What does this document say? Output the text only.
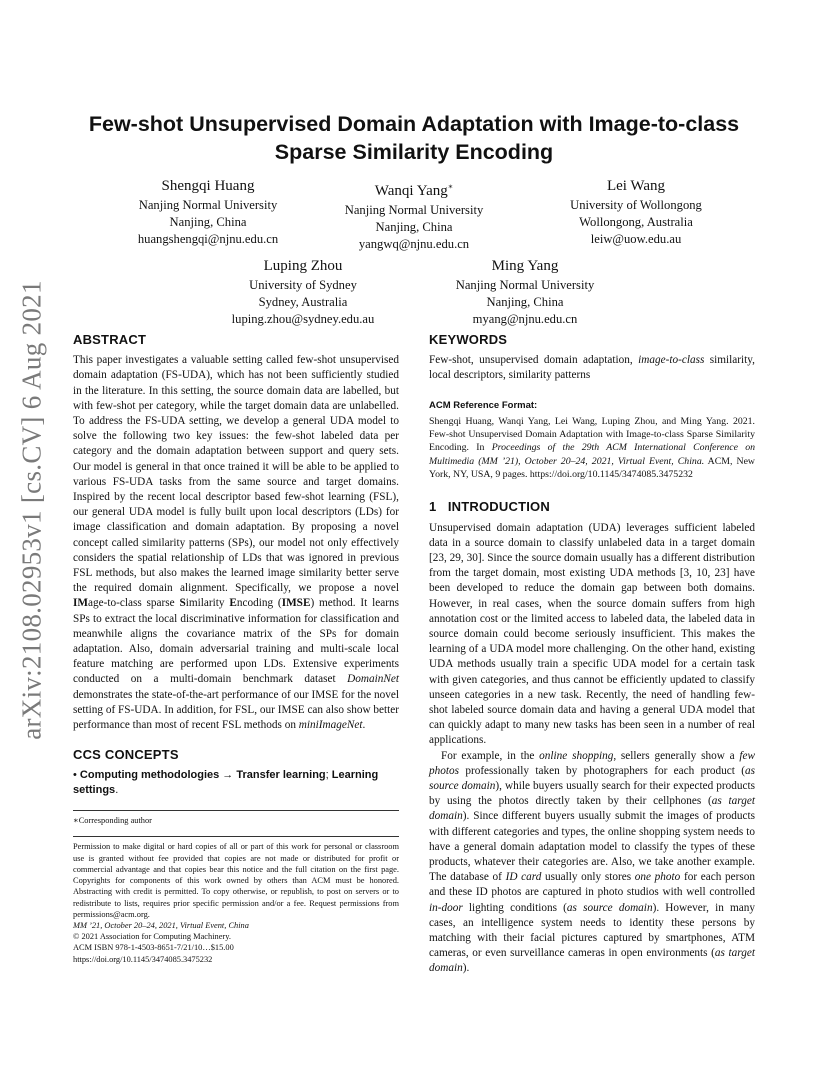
arXiv:2108.02953v1 [cs.CV] 6 Aug 2021
Few-shot Unsupervised Domain Adaptation with Image-to-class
Sparse Similarity Encoding
Shengqi Huang
Nanjing Normal University
Nanjing, China
huangshengqi@njnu.edu.cn
Wanqi Yang∗
Nanjing Normal University
Nanjing, China
yangwq@njnu.edu.cn
Lei Wang
University of Wollongong
Wollongong, Australia
leiw@uow.edu.au
Luping Zhou
University of Sydney
Sydney, Australia
luping.zhou@sydney.edu.au
Ming Yang
Nanjing Normal University
Nanjing, China
myang@njnu.edu.cn
ABSTRACT

This paper investigates a valuable setting called few-shot unsupervised domain adaptation (FS-UDA), which has not been sufficiently studied in the literature. In this setting, the source domain data are labelled, but with few-shot per category, while the target domain data are unlabelled. To address the FS-UDA setting, we develop a general UDA model to solve the following two key issues: the few-shot labeled data per category and the domain adaptation between support and query sets. Our model is general in that once trained it will be able to be applied to various FS-UDA tasks from the same source and target domains. Inspired by the recent local descriptor based few-shot learning (FSL), our general UDA model is fully built upon local descriptors (LDs) for image classification and domain adaptation. By proposing a novel concept called similarity patterns (SPs), our model not only effectively considers the spatial relationship of LDs that was ignored in previous FSL methods, but also makes the learned image similarity better serve the required domain alignment. Specifically, we propose a novel IMage-to-class sparse Similarity Encoding (IMSE) method. It learns SPs to extract the local discriminative information for classification and meanwhile aligns the covariance matrix of the SPs for domain adaptation. Also, domain adversarial training and multi-scale local feature matching are performed upon LDs. Extensive experiments conducted on a multi-domain benchmark dataset DomainNet demonstrates the state-of-the-art performance of our IMSE for the novel setting of FS-UDA. In addition, for FSL, our IMSE can also show better performance than most of recent FSL methods on miniImageNet.

CCS CONCEPTS
• Computing methodologies → Transfer learning; Learning settings.
∗Corresponding author
Permission to make digital or hard copies of all or part of this work for personal or classroom use is granted without fee provided that copies are not made or distributed for profit or commercial advantage and that copies bear this notice and the full citation on the first page. Copyrights for components of this work owned by others than ACM must be honored. Abstracting with credit is permitted. To copy otherwise, or republish, to post on servers or to redistribute to lists, requires prior specific permission and/or a fee. Request permissions from permissions@acm.org.
MM ’21, October 20–24, 2021, Virtual Event, China
© 2021 Association for Computing Machinery.
ACM ISBN 978-1-4503-8651-7/21/10…$15.00
https://doi.org/10.1145/3474085.3475232
KEYWORDS

Few-shot, unsupervised domain adaptation, image-to-class similarity, local descriptors, similarity patterns

ACM Reference Format:
Shengqi Huang, Wanqi Yang, Lei Wang, Luping Zhou, and Ming Yang. 2021. Few-shot Unsupervised Domain Adaptation with Image-to-class Sparse Similarity Encoding. In Proceedings of the 29th ACM International Conference on Multimedia (MM ’21), October 20–24, 2021, Virtual Event, China. ACM, New York, NY, USA, 9 pages. https://doi.org/10.1145/3474085.3475232
1   INTRODUCTION

Unsupervised domain adaptation (UDA) leverages sufficient labeled data in a source domain to classify unlabeled data in a target domain [23, 29, 30]. Since the source domain usually has a different distribution from the target domain, most existing UDA methods [3, 10, 23] have been developed to reduce the domain gap between both domains. However, in real cases, when the source domain suffers from high annotation cost or the limited access to labeled data, the labeled data in source domain could become seriously insufficient. This makes the learning of a UDA model more challenging. On the other hand, existing UDA methods usually train a specific UDA model for a certain task with given categories, and thus cannot be efficiently updated to classify unseen categories in a new task. Recently, the need of handling few-shot labeled source domain data and having a general UDA model that can quickly adapt to many new tasks has been seen in a number of real applications.

For example, in the online shopping, sellers generally show a few photos professionally taken by photographers for each product (as source domain), while buyers usually search for their expected products by using the photos directly taken by their cellphones (as target domain). Since different buyers usually submit the images of products with different categories and types, the online shopping system needs to have a general domain adaptation model to classify the types of these products, whatever their categories are. Also, we take another example. The database of ID card usually only stores one photo for each person and these ID photos are captured in photo studios with well controlled in-door lighting conditions (as source domain). However, in many cases, an intelligence system needs to identity these persons by matching with their facial pictures captured by smartphones, ATM cameras, or even surveillance cameras in open environments (as target domain).
